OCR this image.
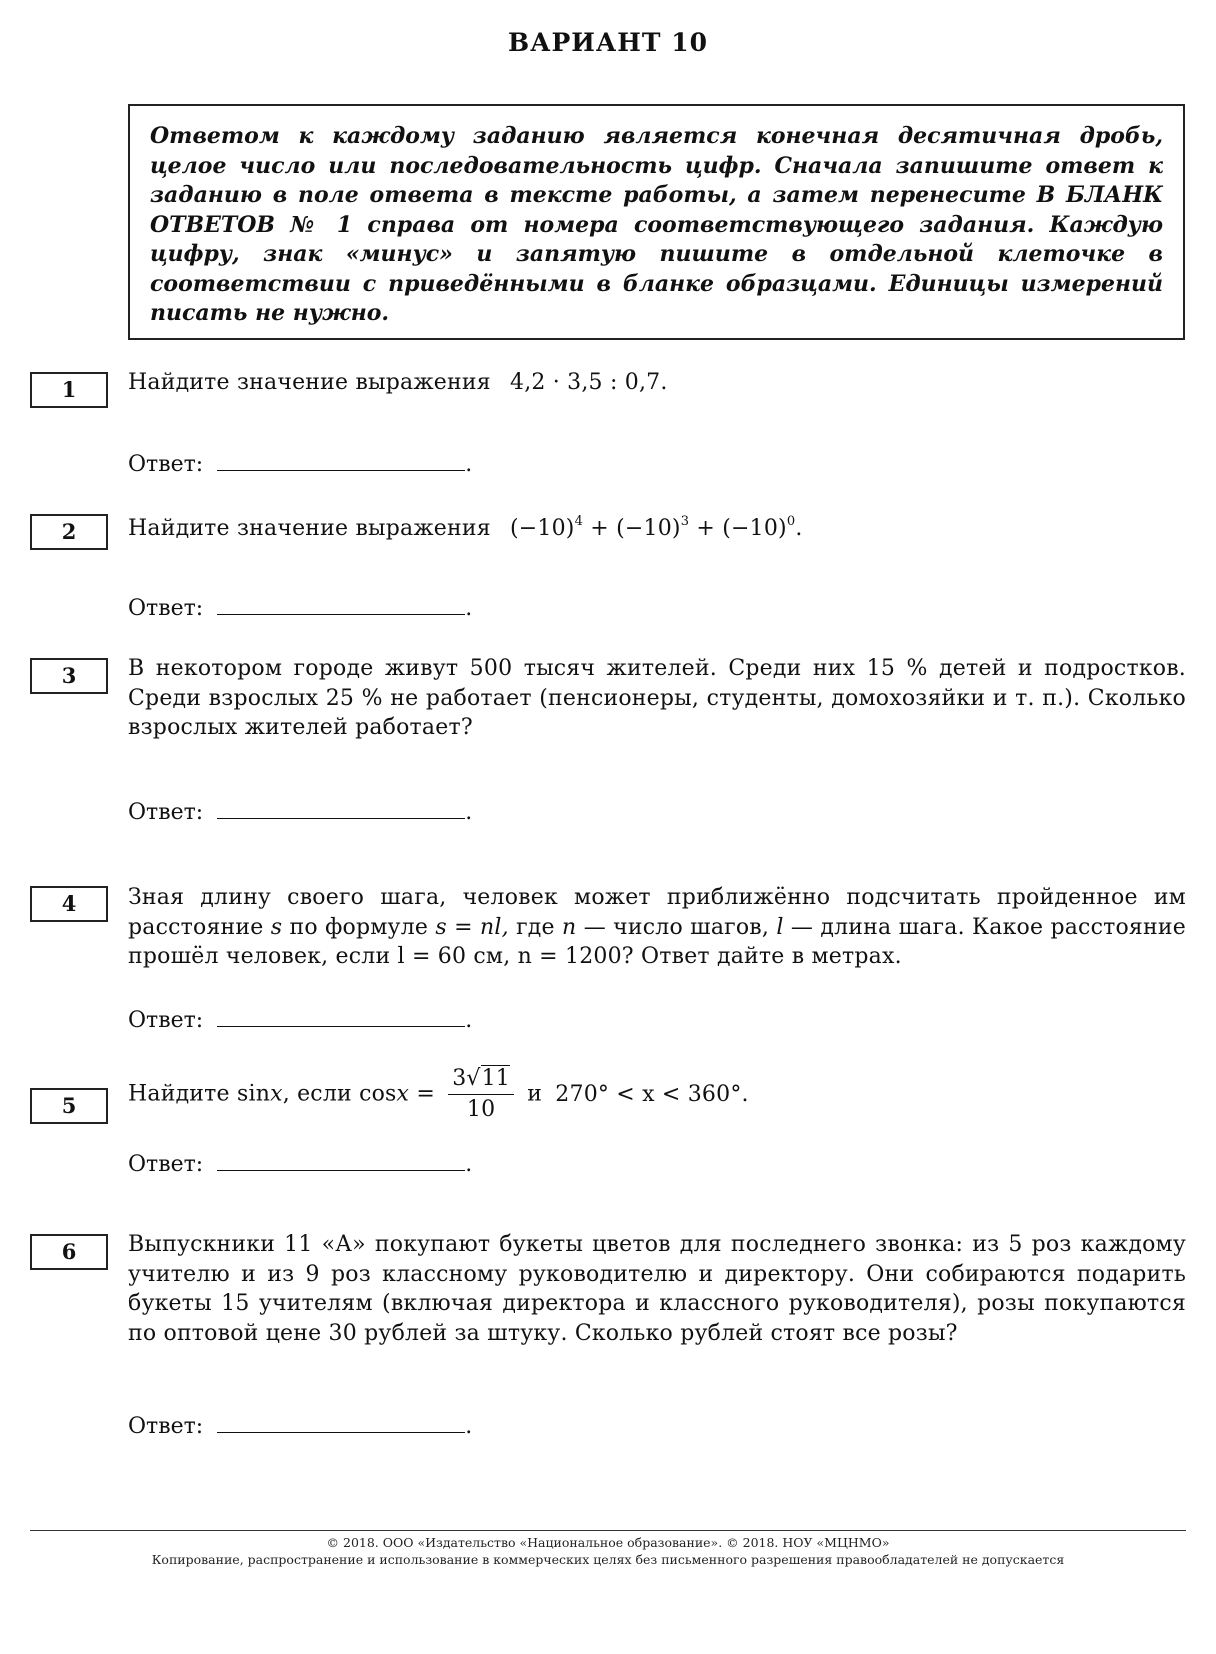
ВАРИАНТ 10
Ответом к каждому заданию является конечная десятичная дробь, целое число или последовательность цифр. Сначала запишите ответ к заданию в поле ответа в тексте работы, а затем перенесите В БЛАНК ОТВЕТОВ № 1 справа от номера соответствующего задания. Каждую цифру, знак «минус» и запятую пишите в отдельной клеточке в соответствии с приведёнными в бланке образцами. Единицы измерений писать не нужно.
1	Найдите значение выражения 4,2 · 3,5 : 0,7.
Ответ:	.
2	Найдите значение выражения $(-10)^4 + (-10)^3 + (-10)^0$.
Ответ:	.
3	В некотором городе живут 500 тысяч жителей. Среди них 15 % детей и подростков. Среди взрослых 25 % не работает (пенсионеры, студенты, домохозяйки и т. п.). Сколько взрослых жителей работает?
Ответ:	.
4	Зная длину своего шага, человек может приближённо подсчитать пройденное им расстояние s по формуле s = nl, где n — число шагов, l — длина шага. Какое расстояние прошёл человек, если l = 60 см, n = 1200? Ответ дайте в метрах.
Ответ:	.
5	Найдите sinx, если $\cos x = \frac{3√11}{10}$ и 270° < x < 360°.
Ответ:	.
6	Выпускники 11 «А» покупают букеты цветов для последнего звонка: из 5 роз каждому учителю и из 9 роз классному руководителю и директору. Они собираются подарить букеты 15 учителям (включая директора и классного руководителя), розы покупаются по оптовой цене 30 рублей за штуку. Сколько рублей стоят все розы?
Ответ:	.
© 2018. ООО «Издательство «Национальное образование». © 2018. НОУ «МЦНМО»
Копирование, распространение и использование в коммерческих целях без письменного разрешения правообладателей не допускается
